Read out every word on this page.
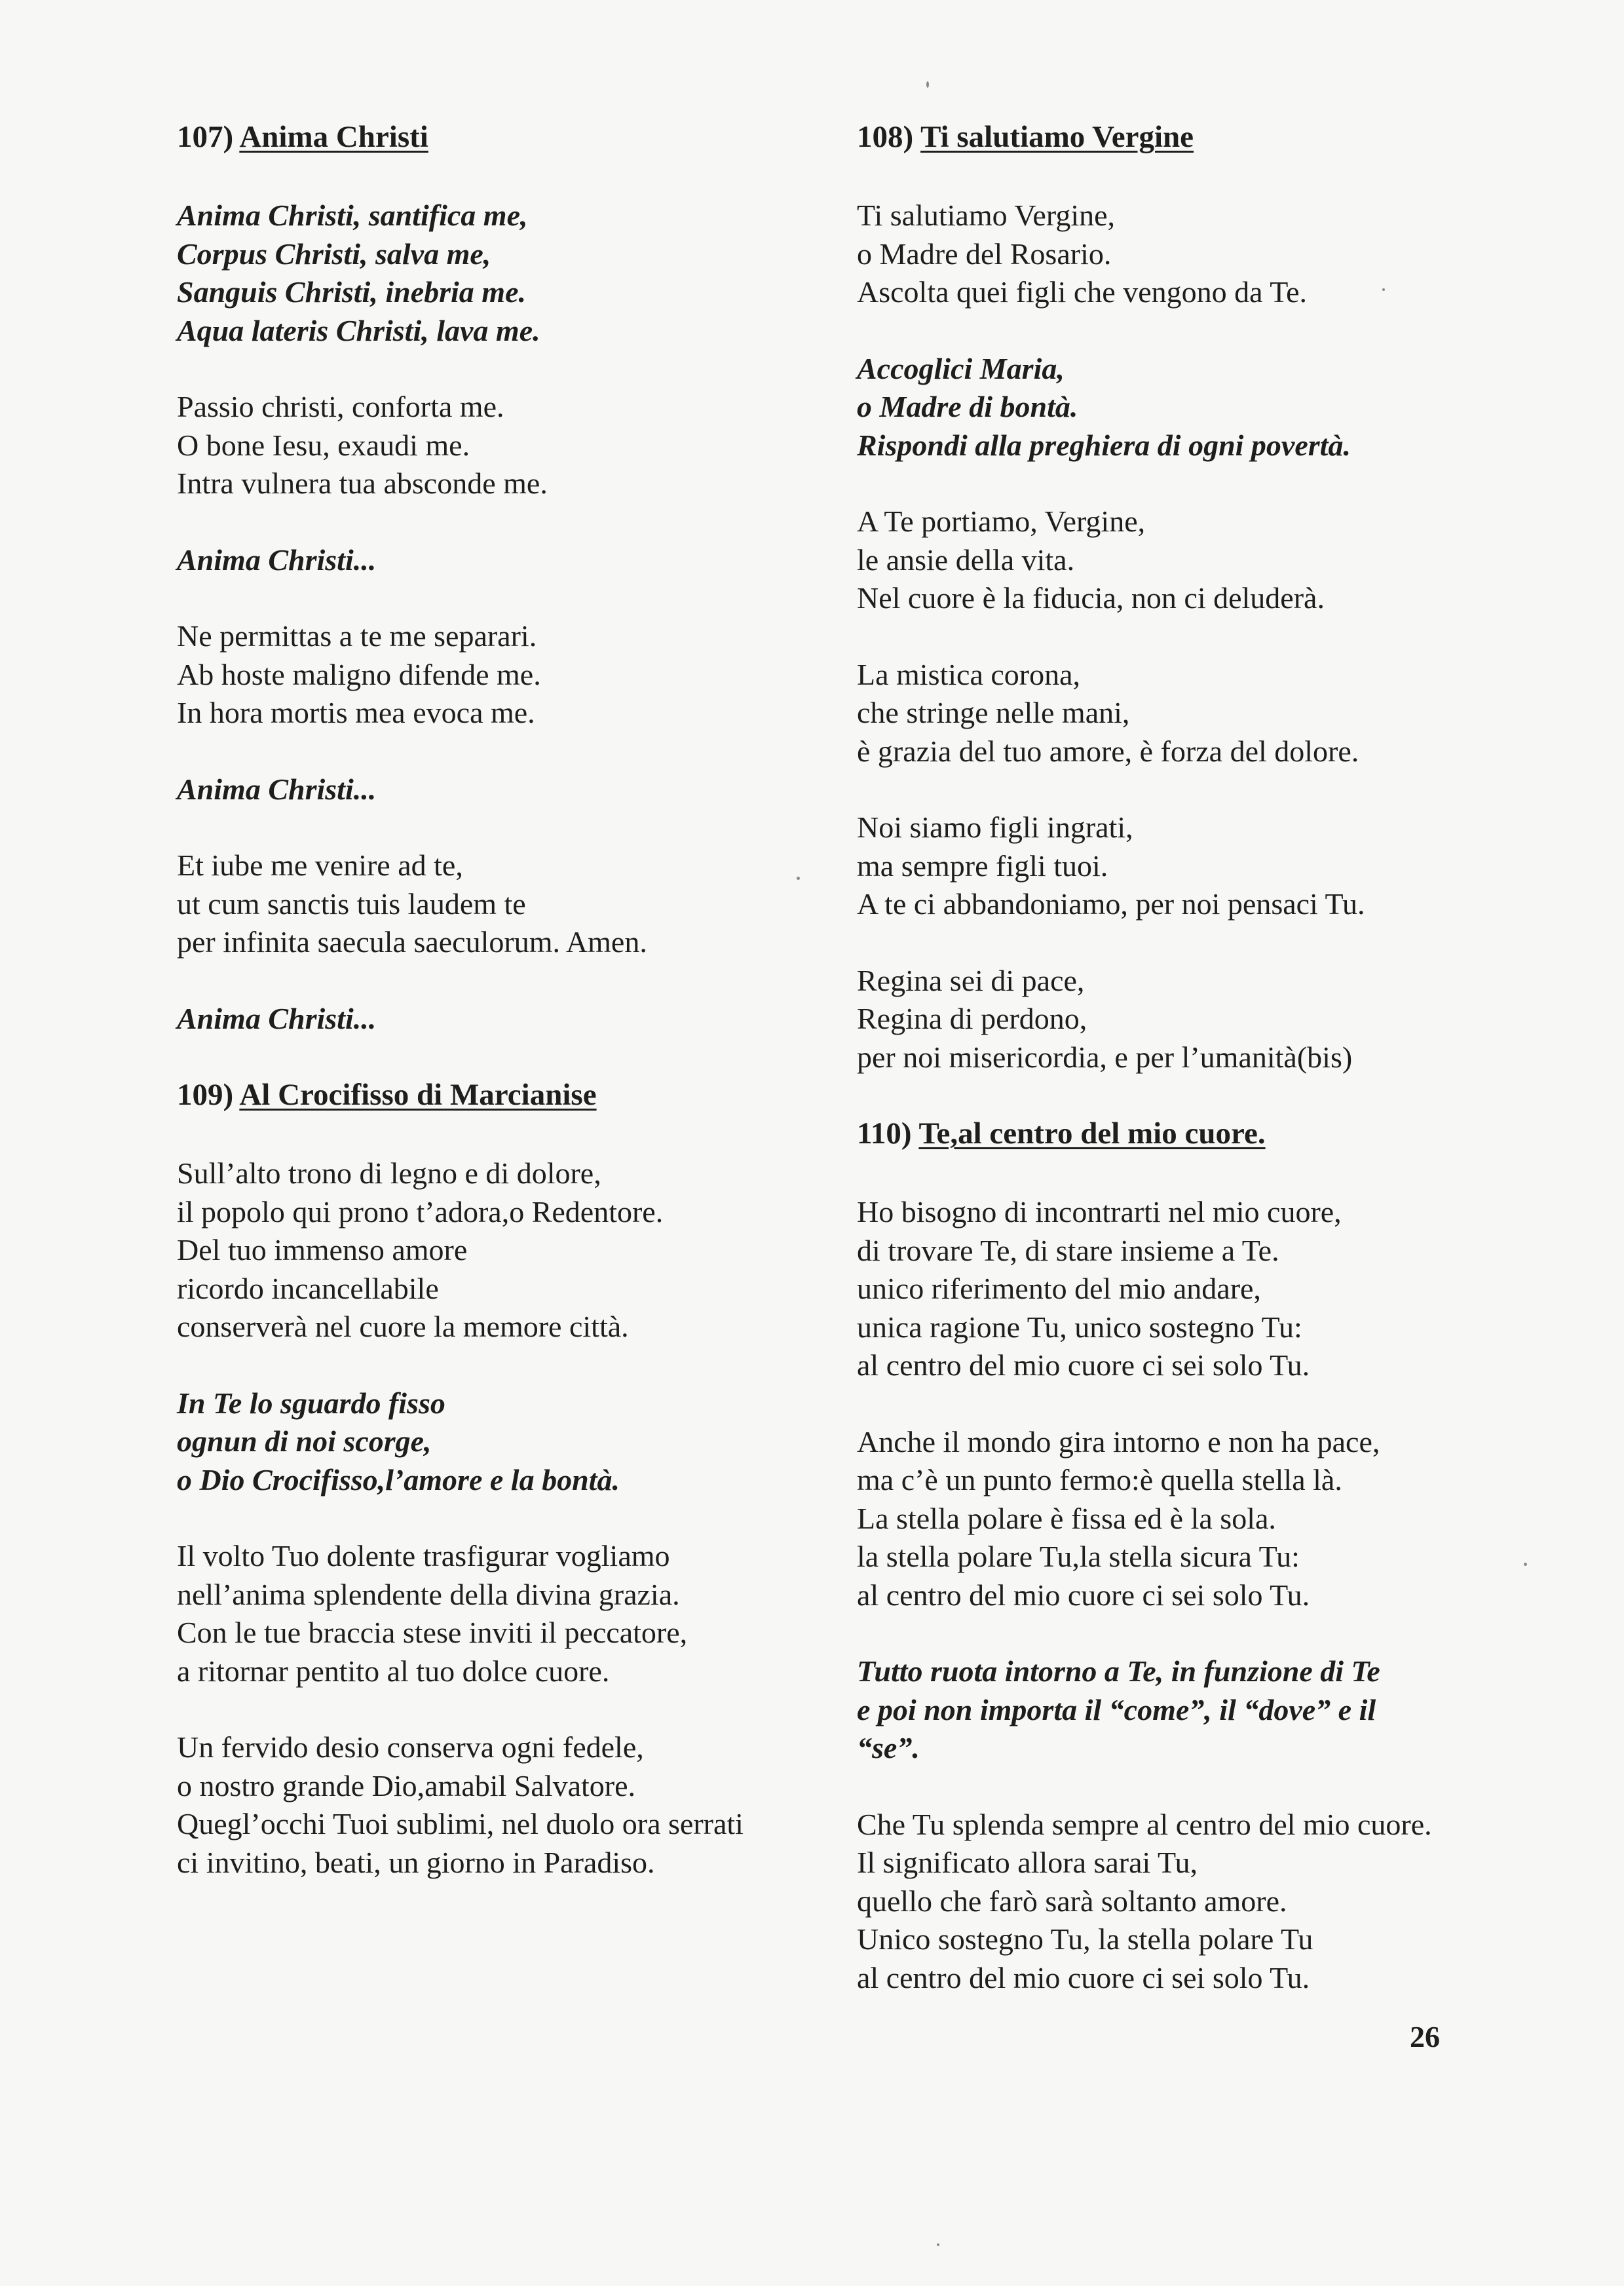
107) Anima Christi
Anima Christi, santifica me,
Corpus Christi, salva me,
Sanguis Christi, inebria me.
Aqua lateris Christi, lava me.
Passio christi, conforta me.
O bone Iesu, exaudi me.
Intra vulnera tua absconde me.
Anima Christi...
Ne permittas a te me separari.
Ab hoste maligno difende me.
In hora mortis mea evoca me.
Anima Christi...
Et iube me venire ad te,
ut cum sanctis tuis laudem te
per infinita saecula saeculorum. Amen.
Anima Christi...
109) Al Crocifisso di Marcianise
Sull’alto trono di legno e di dolore,
il popolo qui prono t’adora,o Redentore.
Del tuo immenso amore
ricordo incancellabile
conserverà nel cuore la memore città.
In Te lo sguardo fisso
ognun di noi scorge,
o Dio Crocifisso,l’amore e la bontà.
Il volto Tuo dolente trasfigurar vogliamo
nell’anima splendente della divina grazia.
Con le tue braccia stese inviti il peccatore,
a ritornar pentito al tuo dolce cuore.
Un fervido desio conserva ogni fedele,
o nostro grande Dio,amabil Salvatore.
Quegl’occhi Tuoi sublimi, nel duolo ora serrati
ci invitino, beati, un giorno in Paradiso.
108) Ti salutiamo Vergine
Ti salutiamo Vergine,
o Madre del Rosario.
Ascolta quei figli che vengono da Te.
Accoglici Maria,
o Madre di bontà.
Rispondi alla preghiera di ogni povertà.
A Te portiamo, Vergine,
le ansie della vita.
Nel cuore è la fiducia, non ci deluderà.
La mistica corona,
che stringe nelle mani,
è grazia del tuo amore, è forza del dolore.
Noi siamo figli ingrati,
ma sempre figli tuoi.
A te ci abbandoniamo, per noi pensaci Tu.
Regina sei di pace,
Regina di perdono,
per noi misericordia, e per l’umanità(bis)
110) Te,al centro del mio cuore.
Ho bisogno di incontrarti nel mio cuore,
di trovare Te, di stare insieme a Te.
unico riferimento del mio andare,
unica ragione Tu, unico sostegno Tu:
al centro del mio cuore ci sei solo Tu.
Anche il mondo gira intorno e non ha pace,
ma c’è un punto fermo:è quella stella là.
La stella polare è fissa ed è la sola.
la stella polare Tu,la stella sicura Tu:
al centro del mio cuore ci sei solo Tu.
Tutto ruota intorno a Te, in funzione di Te
e poi non importa il “come”, il “dove” e il
“se”.
Che Tu splenda sempre al centro del mio cuore.
Il significato allora sarai Tu,
quello che farò sarà soltanto amore.
Unico sostegno Tu, la stella polare Tu
al centro del mio cuore ci sei solo Tu.
26
